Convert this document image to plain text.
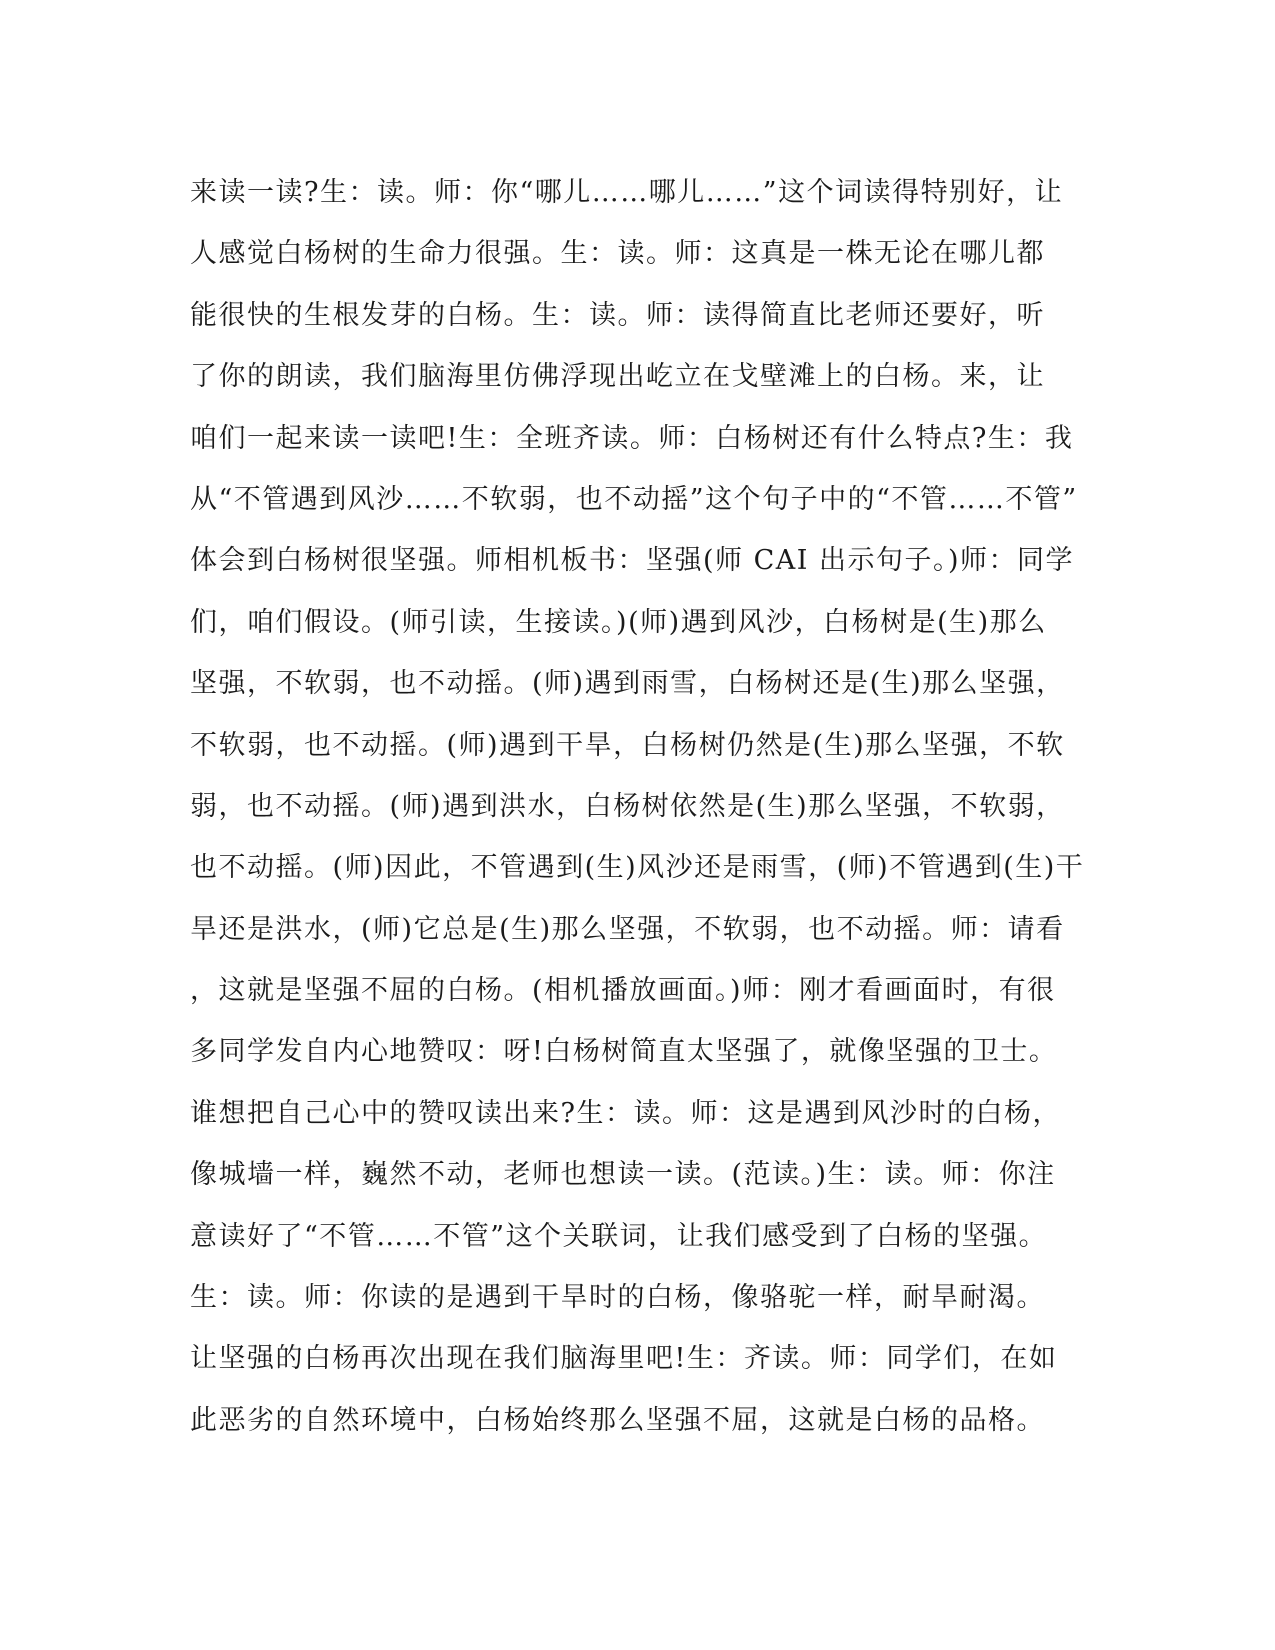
来读一读?生：读。师：你“哪儿……哪儿……”这个词读得特别好，让
人感觉白杨树的生命力很强。生：读。师：这真是一株无论在哪儿都
能很快的生根发芽的白杨。生：读。师：读得简直比老师还要好，听
了你的朗读，我们脑海里仿佛浮现出屹立在戈壁滩上的白杨。来，让
咱们一起来读一读吧!生：全班齐读。师：白杨树还有什么特点?生：我
从“不管遇到风沙……不软弱，也不动摇”这个句子中的“不管……不管”
体会到白杨树很坚强。师相机板书：坚强(师 CAI 出示句子。)师：同学
们，咱们假设。(师引读，生接读。)(师)遇到风沙，白杨树是(生)那么
坚强，不软弱，也不动摇。(师)遇到雨雪，白杨树还是(生)那么坚强，
不软弱，也不动摇。(师)遇到干旱，白杨树仍然是(生)那么坚强，不软
弱，也不动摇。(师)遇到洪水，白杨树依然是(生)那么坚强，不软弱，
也不动摇。(师)因此，不管遇到(生)风沙还是雨雪，(师)不管遇到(生)干
旱还是洪水，(师)它总是(生)那么坚强，不软弱，也不动摇。师：请看
，这就是坚强不屈的白杨。(相机播放画面。)师：刚才看画面时，有很
多同学发自内心地赞叹：呀!白杨树简直太坚强了，就像坚强的卫士。
谁想把自己心中的赞叹读出来?生：读。师：这是遇到风沙时的白杨，
像城墙一样，巍然不动，老师也想读一读。(范读。)生：读。师：你注
意读好了“不管……不管”这个关联词，让我们感受到了白杨的坚强。
生：读。师：你读的是遇到干旱时的白杨，像骆驼一样，耐旱耐渴。
让坚强的白杨再次出现在我们脑海里吧!生：齐读。师：同学们，在如
此恶劣的自然环境中，白杨始终那么坚强不屈，这就是白杨的品格。
